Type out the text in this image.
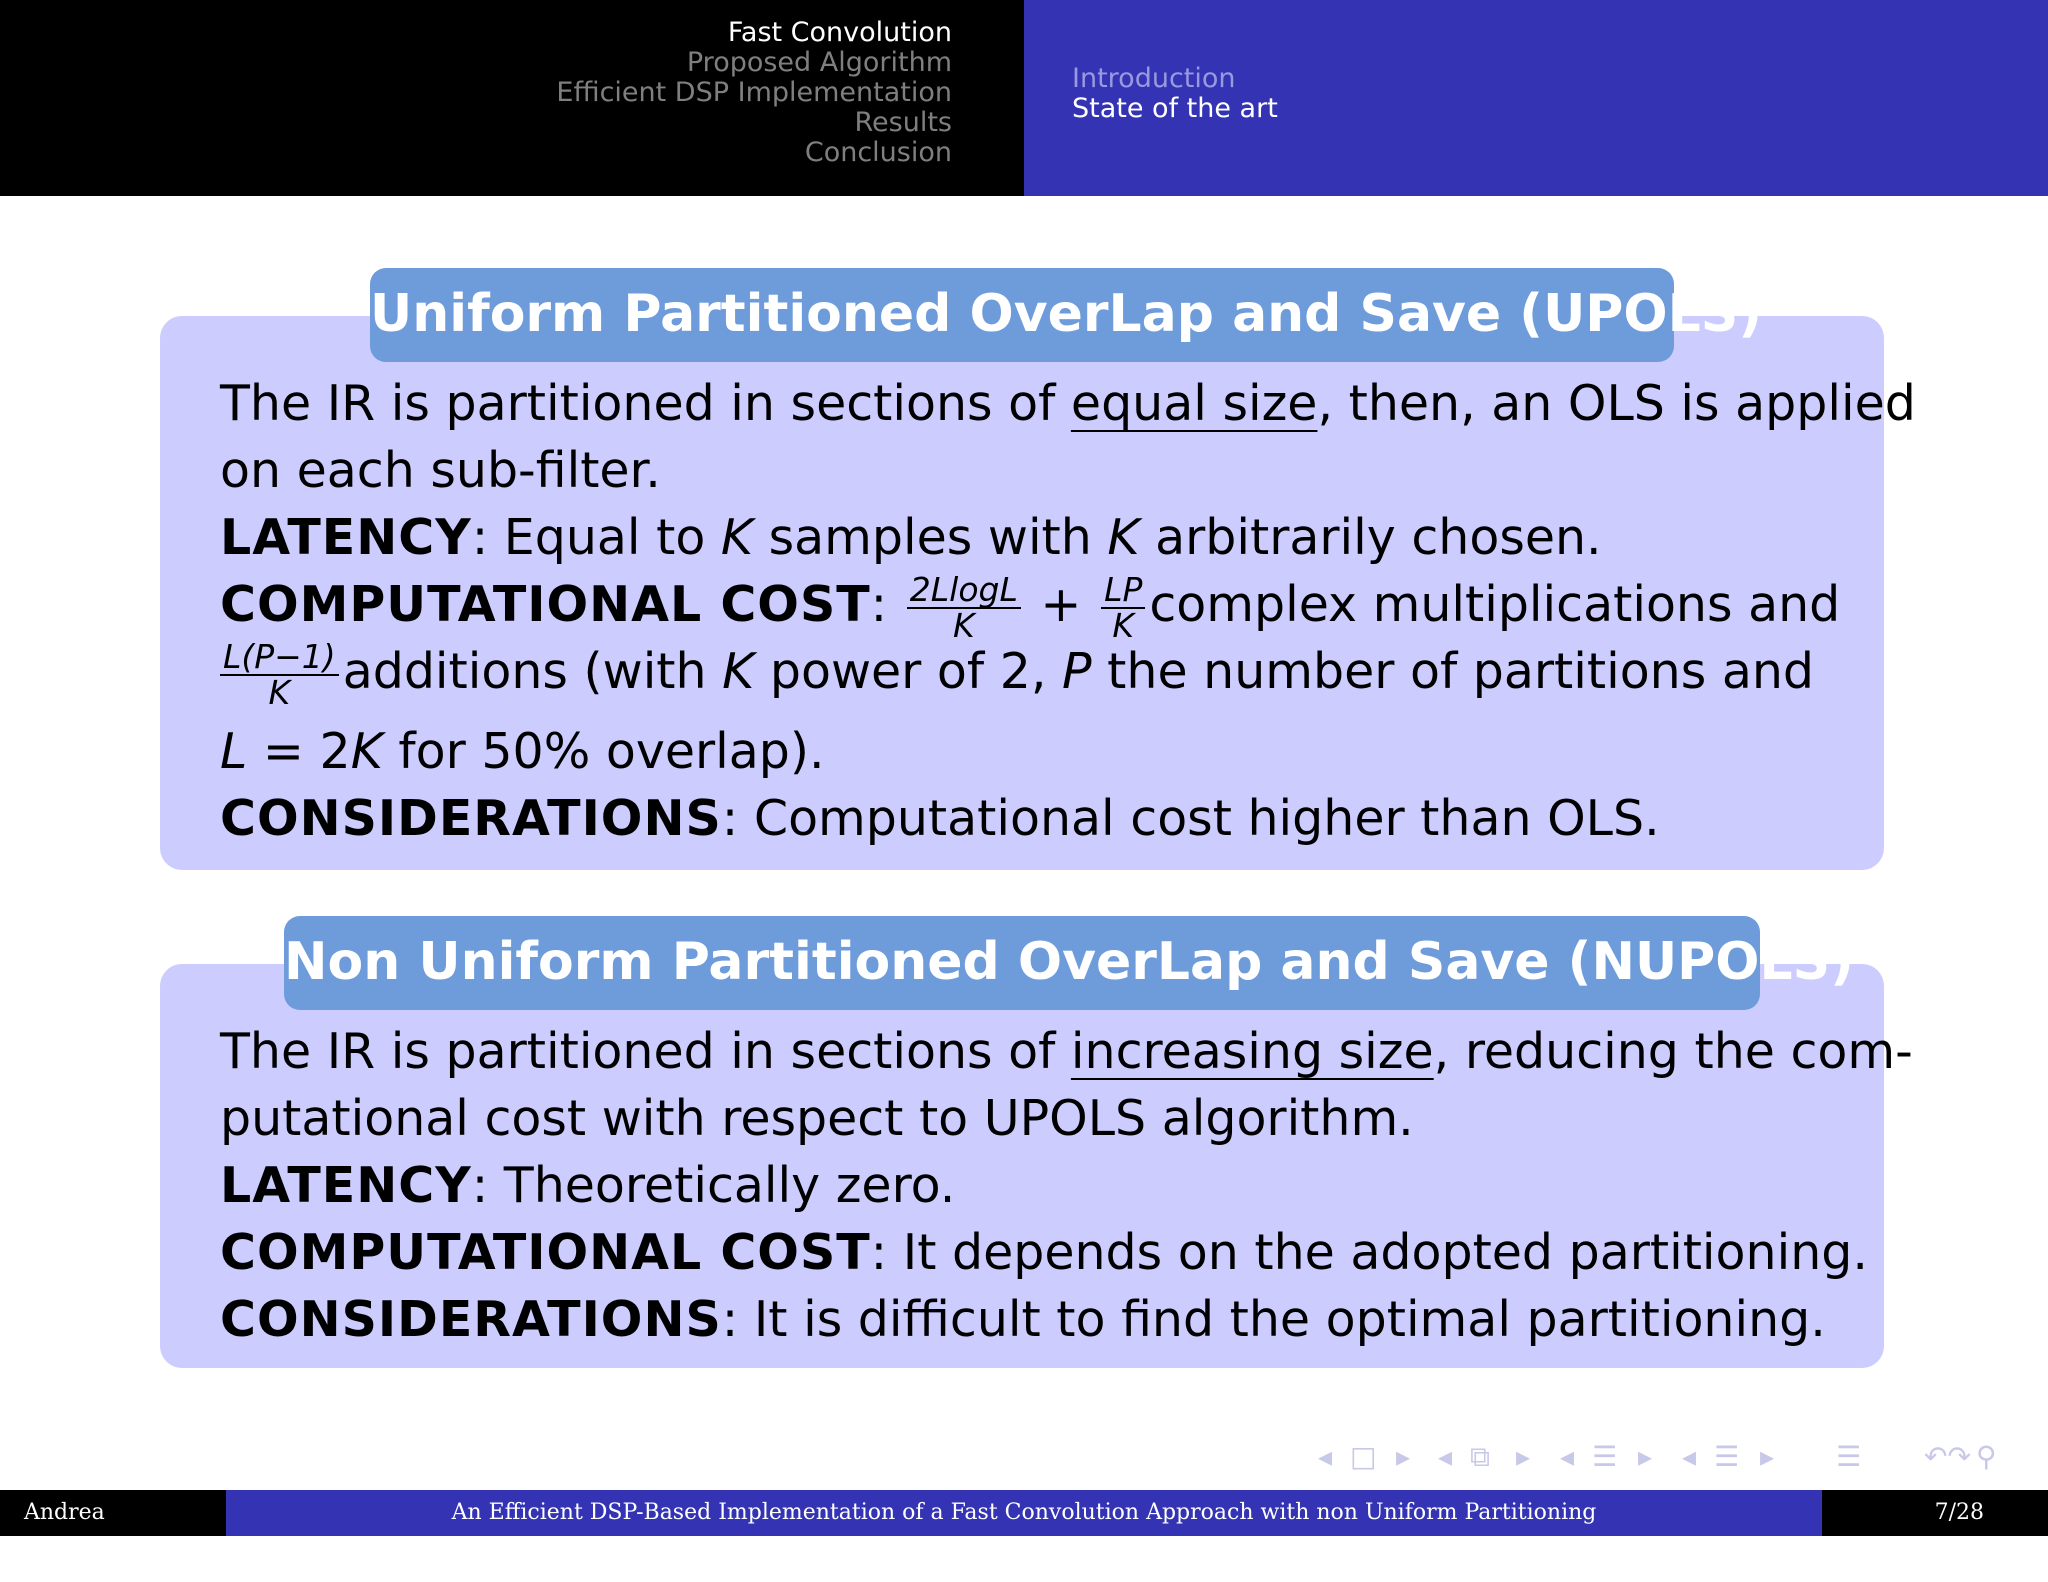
Fast Convolution
Proposed Algorithm
Efficient DSP Implementation
Results
Conclusion
Introduction
State of the art
Uniform Partitioned OverLap and Save (UPOLS)
The IR is partitioned in sections of equal size, then, an OLS is applied
on each sub-filter.
LATENCY: Equal to K samples with K arbitrarily chosen.
COMPUTATIONAL COST: $\frac{2LlogL}{K} + \frac{LP}{K}$ complex multiplications and
$\frac{L(P-1)}{K}$ additions (with K power of 2, P the number of partitions and
L = 2K for 50% overlap).
CONSIDERATIONS: Computational cost higher than OLS.
Non Uniform Partitioned OverLap and Save (NUPOLS)
The IR is partitioned in sections of increasing size, reducing the com-
putational cost with respect to UPOLS algorithm.
LATENCY: Theoretically zero.
COMPUTATIONAL COST: It depends on the adopted partitioning.
CONSIDERATIONS: It is difficult to find the optimal partitioning.
◂ □ ▸ ◂ ⧉ ▸ ◂ ☰ ▸ ◂ ☰ ▸ ☰ ↶↷ ⚲
Andrea Primavera
An Efficient DSP-Based Implementation of a Fast Convolution Approach with non Uniform Partitioning	7/28
